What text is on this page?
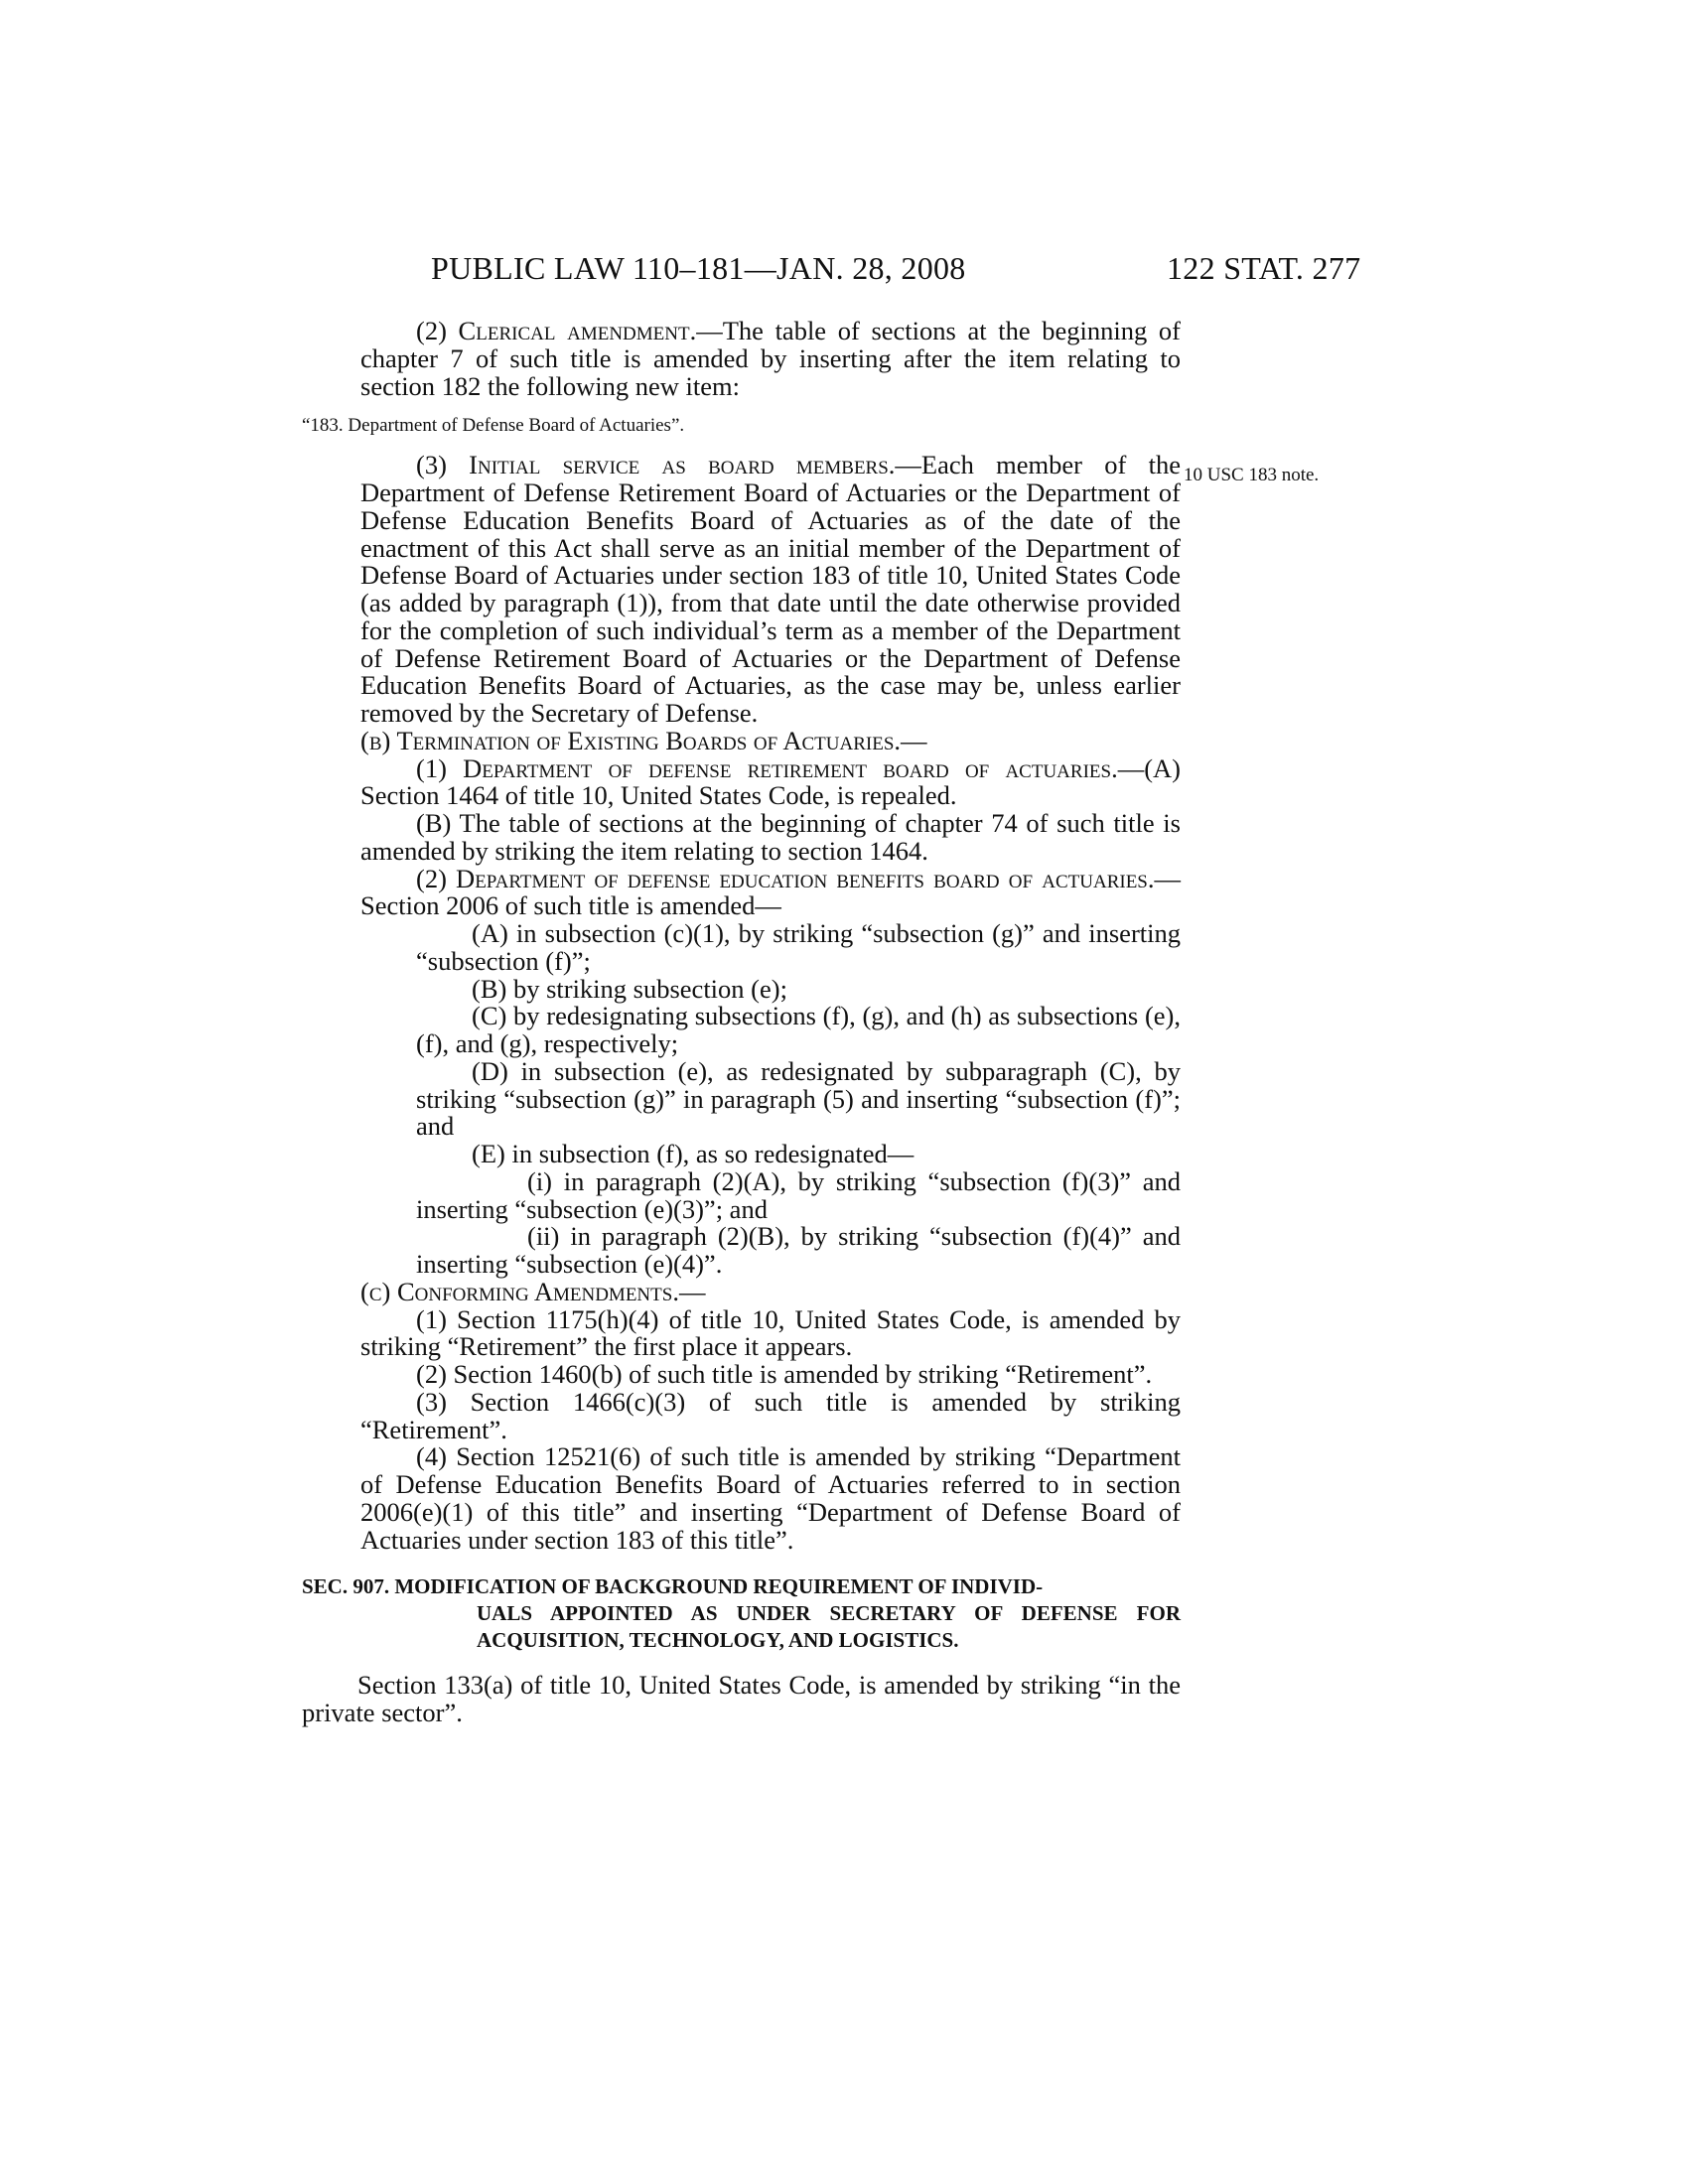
PUBLIC LAW 110–181—JAN. 28, 2008	122 STAT. 277
10 USC 183 note.

(2) Clerical amendment.—The table of sections at the beginning of chapter 7 of such title is amended by inserting after the item relating to section 182 the following new item:

“183. Department of Defense Board of Actuaries”.

(3) Initial service as board members.—Each member of the Department of Defense Retirement Board of Actuaries or the Department of Defense Education Benefits Board of Actuaries as of the date of the enactment of this Act shall serve as an initial member of the Department of Defense Board of Actuaries under section 183 of title 10, United States Code (as added by paragraph (1)), from that date until the date otherwise provided for the completion of such individual’s term as a member of the Department of Defense Retirement Board of Actuaries or the Department of Defense Education Benefits Board of Actuaries, as the case may be, unless earlier removed by the Secretary of Defense.

(b) Termination of Existing Boards of Actuaries.—

(1) Department of defense retirement board of actuaries.—(A) Section 1464 of title 10, United States Code, is repealed.

(B) The table of sections at the beginning of chapter 74 of such title is amended by striking the item relating to section 1464.

(2) Department of defense education benefits board of actuaries.—Section 2006 of such title is amended—

(A) in subsection (c)(1), by striking “subsection (g)” and inserting “subsection (f)”;

(B) by striking subsection (e);

(C) by redesignating subsections (f), (g), and (h) as subsections (e), (f), and (g), respectively;

(D) in subsection (e), as redesignated by subparagraph (C), by striking “subsection (g)” in paragraph (5) and inserting “subsection (f)”; and

(E) in subsection (f), as so redesignated—

(i) in paragraph (2)(A), by striking “subsection (f)(3)” and inserting “subsection (e)(3)”; and

(ii) in paragraph (2)(B), by striking “subsection (f)(4)” and inserting “subsection (e)(4)”.

(c) Conforming Amendments.—

(1) Section 1175(h)(4) of title 10, United States Code, is amended by striking “Retirement” the first place it appears.

(2) Section 1460(b) of such title is amended by striking “Retirement”.

(3) Section 1466(c)(3) of such title is amended by striking “Retirement”.

(4) Section 12521(6) of such title is amended by striking “Department of Defense Education Benefits Board of Actuaries referred to in section 2006(e)(1) of this title” and inserting “Department of Defense Board of Actuaries under section 183 of this title”.

SEC. 907. MODIFICATION OF BACKGROUND REQUIREMENT OF INDIVID-
UALS APPOINTED AS UNDER SECRETARY OF DEFENSE FOR ACQUISITION, TECHNOLOGY, AND LOGISTICS.

Section 133(a) of title 10, United States Code, is amended by striking “in the private sector”.
